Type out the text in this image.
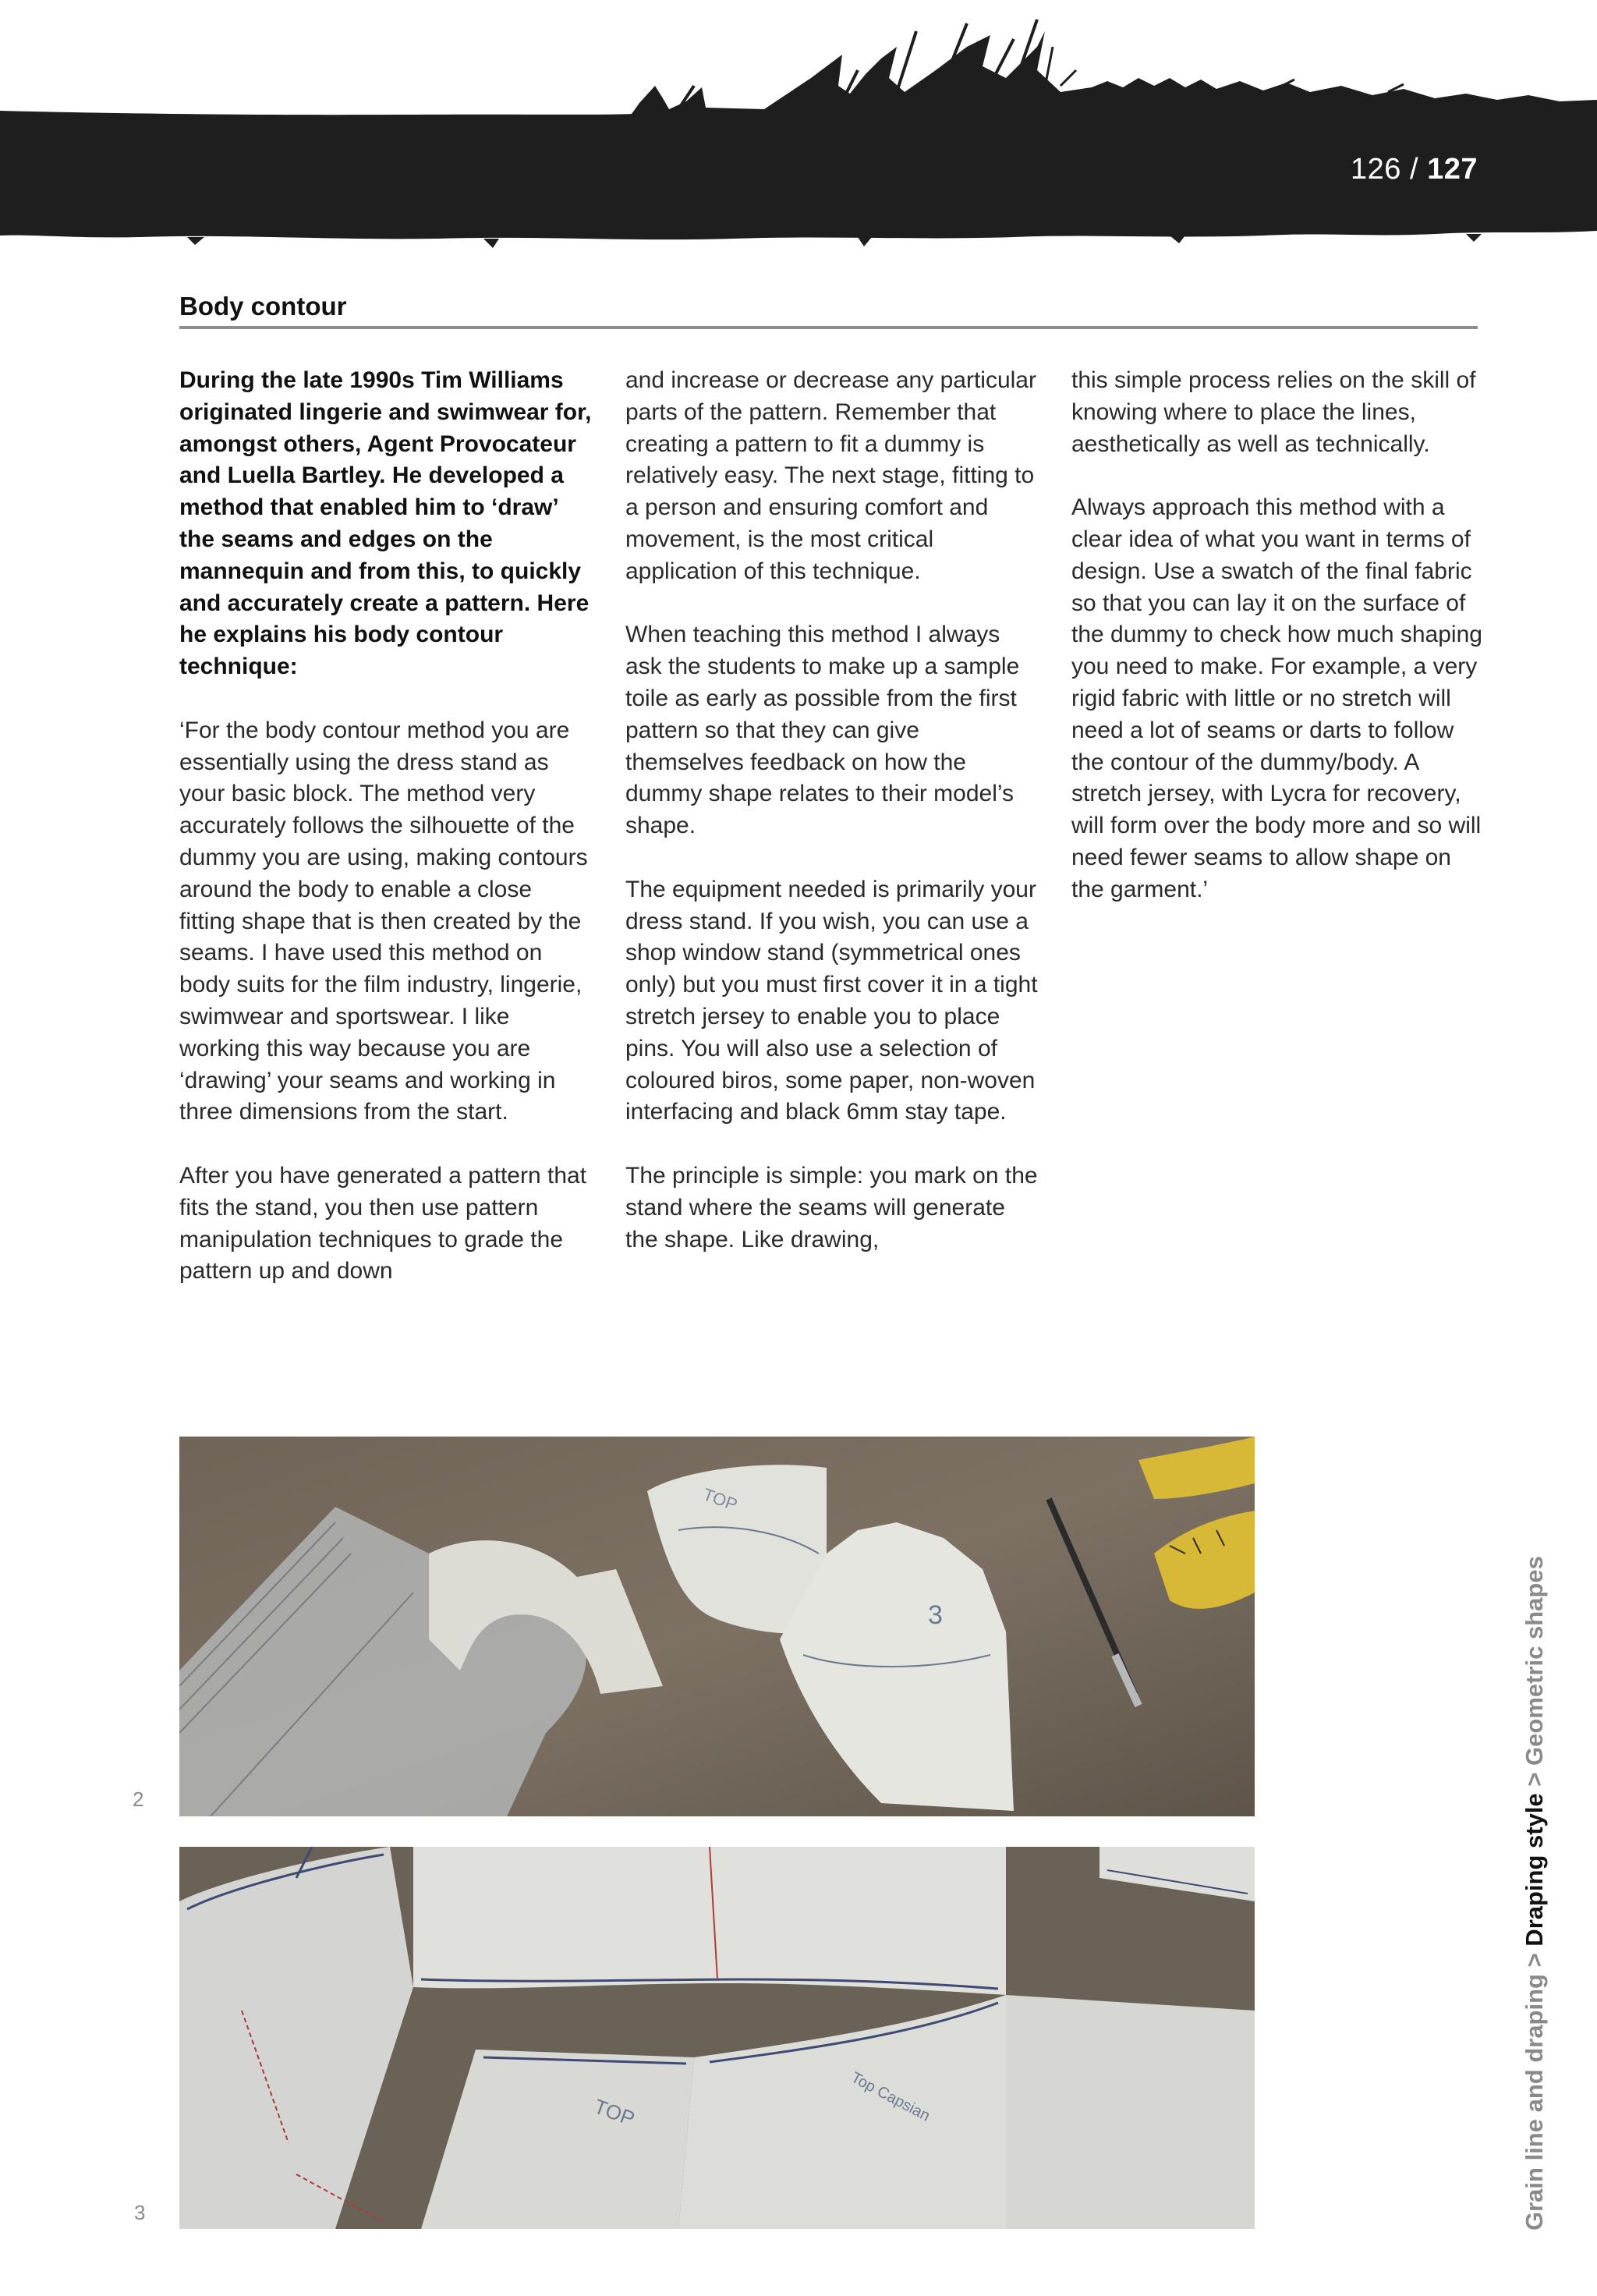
126 / 127
Body contour

During the late 1990s Tim Williams originated lingerie and swimwear for, amongst others, Agent Provocateur and Luella Bartley. He developed a method that enabled him to ‘draw’ the seams and edges on the mannequin and from this, to quickly and accurately create a pattern. Here he explains his body contour technique:

‘For the body contour method you are essentially using the dress stand as your basic block. The method very accurately follows the silhouette of the dummy you are using, making contours around the body to enable a close fitting shape that is then created by the seams. I have used this method on body suits for the film industry, lingerie, swimwear and sportswear. I like working this way because you are ‘drawing’ your seams and working in three dimensions from the start.

After you have generated a pattern that fits the stand, you then use pattern manipulation techniques to grade the pattern up and down

and increase or decrease any particular parts of the pattern. Remember that creating a pattern to fit a dummy is relatively easy. The next stage, fitting to a person and ensuring comfort and movement, is the most critical application of this technique.

When teaching this method I always ask the students to make up a sample toile as early as possible from the first pattern so that they can give themselves feedback on how the dummy shape relates to their model’s shape.

The equipment needed is primarily your dress stand. If you wish, you can use a shop window stand (symmetrical ones only) but you must first cover it in a tight stretch jersey to enable you to place pins. You will also use a selection of coloured biros, some paper, non-woven interfacing and black 6mm stay tape.

The principle is simple: you mark on the stand where the seams will generate the shape. Like drawing,

this simple process relies on the skill of knowing where to place the lines, aesthetically as well as technically.

Always approach this method with a clear idea of what you want in terms of design. Use a swatch of the final fabric so that you can lay it on the surface of the dummy to check how much shaping you need to make. For example, a very rigid fabric with little or no stretch will need a lot of seams or darts to follow the contour of the dummy/body. A stretch jersey, with Lycra for recovery, will form over the body more and so will need fewer seams to allow shape on the garment.’

TOP
3
2
TOP	Top Capsian
3	Grain line and draping > Draping style > Geometric shapes
